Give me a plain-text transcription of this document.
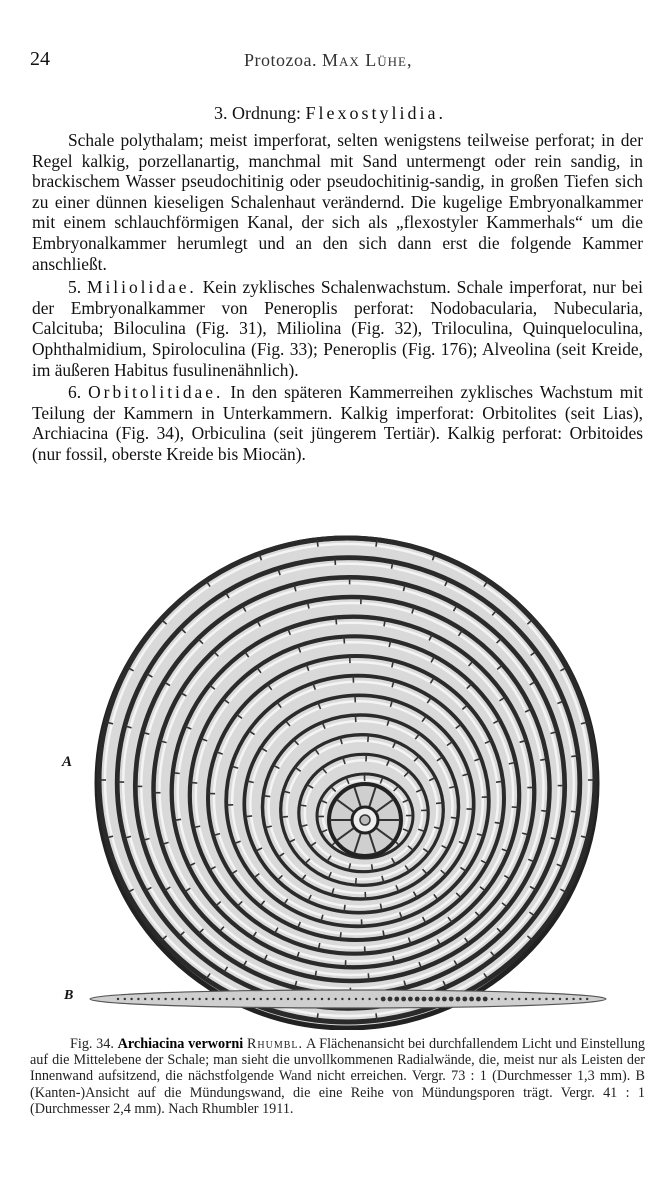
24	Protozoa. Max Lühe,
3. Ordnung: Flexostylidia.

Schale polythalam; meist imperforat, selten wenigstens teilweise perforat; in der Regel kalkig, porzellanartig, manchmal mit Sand untermengt oder rein sandig, in brackischem Wasser pseudochitinig oder pseudochitinig-sandig, in großen Tiefen sich zu einer dünnen kieseligen Schalenhaut verändernd. Die kugelige Embryonalkammer mit einem schlauchförmigen Kanal, der sich als „flexostyler Kammerhals“ um die Embryonalkammer herumlegt und an den sich dann erst die folgende Kammer anschließt.

5. Miliolidae. Kein zyklisches Schalenwachstum. Schale imperforat, nur bei der Embryonalkammer von Peneroplis perforat: Nodobacularia, Nubecularia, Calcituba; Biloculina (Fig. 31), Miliolina (Fig. 32), Triloculina, Quinqueloculina, Ophthalmidium, Spiroloculina (Fig. 33); Peneroplis (Fig. 176); Alveolina (seit Kreide, im äußeren Habitus fusulinenähnlich).

6. Orbitolitidae. In den späteren Kammerreihen zyklisches Wachstum mit Teilung der Kammern in Unterkammern. Kalkig imperforat: Orbitolites (seit Lias), Archiacina (Fig. 34), Orbiculina (seit jüngerem Tertiär). Kalkig perforat: Orbitoides (nur fossil, oberste Kreide bis Miocän).

A
B
Fig. 34. Archiacina verworni Rhumbl. A Flächenansicht bei durchfallendem Licht und Einstellung auf die Mittelebene der Schale; man sieht die unvollkommenen Radialwände, die, meist nur als Leisten der Innenwand aufsitzend, die nächstfolgende Wand nicht erreichen. Vergr. 73 : 1 (Durchmesser 1,3 mm). B (Kanten-)Ansicht auf die Mündungswand, die eine Reihe von Mündungsporen trägt. Vergr. 41 : 1 (Durchmesser 2,4 mm). Nach Rhumbler 1911.
